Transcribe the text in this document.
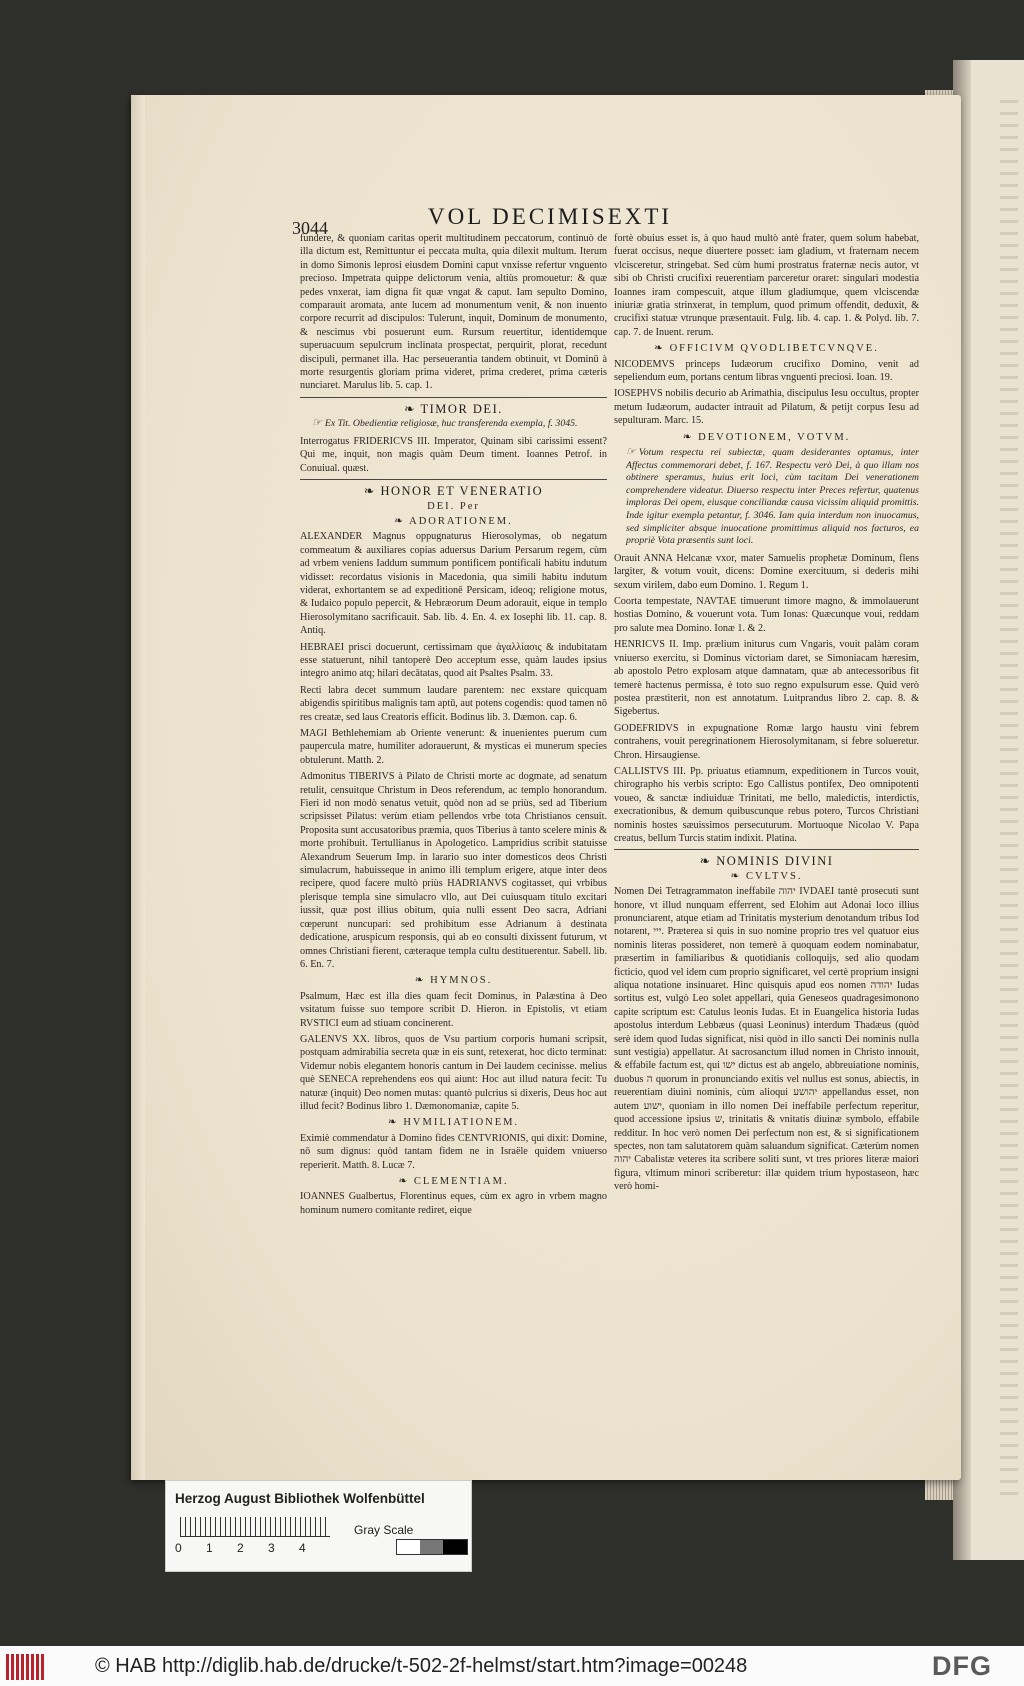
3044	VOL DECIMISEXTI

fundere, & quoniam caritas operit multitudinem peccatorum, continuò de illa dictum est, Remittuntur ei peccata multa, quia dilexit multum. Iterum in domo Simonis leprosi eiusdem Domini caput vnxisse refertur vnguento precioso. Impetrata quippe delictorum venia, altiùs promouetur: & quæ pedes vnxerat, iam digna fit quæ vngat & caput. Iam sepulto Domino, comparauit aromata, ante lucem ad monumentum venit, & non inuento corpore recurrit ad discipulos: Tulerunt, inquit, Dominum de monumento, & nescimus vbi posuerunt eum. Rursum reuertitur, identidemque superuacuum sepulcrum inclinata prospectat, perquirit, plorat, recedunt discipuli, permanet illa. Hac perseuerantia tandem obtinuit, vt Dominū à morte resurgentis gloriam prima videret, prima crederet, prima cæteris nunciaret. Marulus lib. 5. cap. 1.

❧ TIMOR DEI.
☞ Ex Tit. Obedientiæ religiosæ, huc transferenda exempla, f. 3045.

Interrogatus FRIDERICVS III. Imperator, Quinam sibi carissimi essent? Qui me, inquit, non magis quàm Deum timent. Ioannes Petrof. in Conuiual. quæst.

❧ HONOR ET VENERATIO
DEI. Per
❧ ADORATIONEM.

ALEXANDER Magnus oppugnaturus Hierosolymas, ob negatum commeatum & auxiliares copias aduersus Darium Persarum regem, cùm ad vrbem veniens Iaddum summum pontificem pontificali habitu indutum vidisset: recordatus visionis in Macedonia, qua simili habitu indutum viderat, exhortantem se ad expeditionē Persicam, ideoq; religione motus, & Iudaico populo pepercit, & Hebræorum Deum adorauit, eique in templo Hierosolymitano sacrificauit. Sab. lib. 4. En. 4. ex Iosephi lib. 11. cap. 8. Antiq.

HEBRAEI prisci docuerunt, certissimam que ἀγαλλίασις & indubitatam esse statuerunt, nihil tantoperè Deo acceptum esse, quàm laudes ipsius integro animo atq; hilari decātatas, quod ait Psaltes Psalm. 33.

Recti labra decet summum laudare parentem: nec exstare quicquam abigendis spiritibus malignis tam aptū, aut potens cogendis: quod tamen nō res creatæ, sed laus Creatoris efficit. Bodinus lib. 3. Dæmon. cap. 6.

MAGI Bethlehemiam ab Oriente venerunt: & inuenientes puerum cum paupercula matre, humiliter adorauerunt, & mysticas ei munerum species obtulerunt. Matth. 2.

Admonitus TIBERIVS à Pilato de Christi morte ac dogmate, ad senatum retulit, censuitque Christum in Deos referendum, ac templo honorandum. Fieri id non modò senatus vetuit, quòd non ad se priùs, sed ad Tiberium scripsisset Pilatus: verùm etiam pellendos vrbe tota Christianos censuit. Proposita sunt accusatoribus præmia, quos Tiberius à tanto scelere minis & morte prohibuit. Tertullianus in Apologetico. Lampridius scribit statuisse Alexandrum Seuerum Imp. in larario suo inter domesticos deos Christi simulacrum, habuisseque in animo illi templum erigere, atque inter deos recipere, quod facere multò priùs HADRIANVS cogitasset, qui vrbibus plerisque templa sine simulacro vllo, aut Dei cuiusquam titulo excitari iussit, quæ post illius obitum, quia nulli essent Deo sacra, Adriani cœperunt nuncupari: sed prohibitum esse Adrianum à destinata dedicatione, aruspicum responsis, qui ab eo consulti dixissent futurum, vt omnes Christiani fierent, cæteraque templa cultu destituerentur. Sabell. lib. 6. En. 7.

❧ HYMNOS.

Psalmum, Hæc est illa dies quam fecit Dominus, in Palæstina à Deo vsitatum fuisse suo tempore scribit D. Hieron. in Epistolis, vt etiam RVSTICI eum ad stiuam concinerent.

GALENVS XX. libros, quos de Vsu partium corporis humani scripsit, postquam admirabilia secreta quæ in eis sunt, retexerat, hoc dicto terminat: Videmur nobis elegantem honoris cantum in Dei laudem cecinisse. melius què SENECA reprehendens eos qui aiunt: Hoc aut illud natura fecit: Tu naturæ (inquit) Deo nomen mutas: quantò pulcrius si dixeris, Deus hoc aut illud fecit? Bodinus libro 1. Dæmonomaniæ, capite 5.

❧ HVMILIATIONEM.

Eximiè commendatur à Domino fides CENTVRIONIS, qui dixit: Domine, nō sum dignus: quòd tantam fidem ne in Israële quidem vniuerso reperierit. Matth. 8. Lucæ 7.

❧ CLEMENTIAM.

IOANNES Gualbertus, Florentinus eques, cùm ex agro in vrbem magno hominum numero comitante rediret, eique

fortè obuius esset is, à quo haud multò antè frater, quem solum habebat, fuerat occisus, neque diuertere posset: iam gladium, vt fraternam necem vlcisceretur, stringebat. Sed cùm humi prostratus fraternæ necis autor, vt sibi ob Christi crucifixi reuerentiam parceretur oraret: singulari modestia Ioannes iram compescuit, atque illum gladiumque, quem vlciscendæ iniuriæ gratia strinxerat, in templum, quod primum offendit, deduxit, & crucifixi statuæ vtrunque præsentauit. Fulg. lib. 4. cap. 1. & Polyd. lib. 7. cap. 7. de Inuent. rerum.

❧ OFFICIVM QVODLIBETCVNQVE.

NICODEMVS princeps Iudæorum crucifixo Domino, venit ad sepeliendum eum, portans centum libras vnguenti preciosi. Ioan. 19.

IOSEPHVS nobilis decurio ab Arimathia, discipulus Iesu occultus, propter metum Iudæorum, audacter intrauit ad Pilatum, & petijt corpus Iesu ad sepulturam. Marc. 15.

❧ DEVOTIONEM, VOTVM.
☞ Votum respectu rei subiectæ, quam desiderantes optamus, inter Affectus commemorari debet, f. 167. Respectu verò Dei, à quo illam nos obtinere speramus, huius erit loci, cùm tacitam Dei venerationem comprehendere videatur. Diuerso respectu inter Preces refertur, quatenus imploras Dei opem, eiusque conciliandæ causa vicissim aliquid promittis. Inde igitur exempla petantur, f. 3046. Iam quia interdum non inuocamus, sed simpliciter absque inuocatione promittimus aliquid nos facturos, ea propriè Vota præsentis sunt loci.

Orauit ANNA Helcanæ vxor, mater Samuelis prophetæ Dominum, flens largiter, & votum vouit, dicens: Domine exercituum, si dederis mihi sexum virilem, dabo eum Domino. 1. Regum 1.

Coorta tempestate, NAVTAE timuerunt timore magno, & immolauerunt hostias Domino, & vouerunt vota. Tum Ionas: Quæcunque voui, reddam pro salute mea Domino. Ionæ 1. & 2.

HENRICVS II. Imp. prælium initurus cum Vngaris, vouit palàm coram vniuerso exercitu, si Dominus victoriam daret, se Simoniacam hæresim, ab apostolo Petro explosam atque damnatam, quæ ab antecessoribus fit temerè hactenus permissa, è toto suo regno expulsurum esse. Quid verò postea præstiterit, non est annotatum. Luitprandus libro 2. cap. 8. & Sigebertus.

GODEFRIDVS in expugnatione Romæ largo haustu vini febrem contrahens, vouit peregrinationem Hierosolymitanam, si febre solueretur. Chron. Hirsaugiense.

CALLISTVS III. Pp. priuatus etiamnum, expeditionem in Turcos vouit, chirographo his verbis scripto: Ego Callistus pontifex, Deo omnipotenti voueo, & sanctæ indiuiduæ Trinitati, me bello, maledictis, interdictis, execrationibus, & demum quibuscunque rebus potero, Turcos Christiani nominis hostes sæuissimos persecuturum. Mortuoque Nicolao V. Papa creatus, bellum Turcis statim indixit. Platina.

❧ NOMINIS DIVINI
❧ CVLTVS.

Nomen Dei Tetragrammaton ineffabile יהוה IVDAEI tantè prosecuti sunt honore, vt illud nunquam efferrent, sed Elohim aut Adonai loco illius pronunciarent, atque etiam ad Trinitatis mysterium denotandum tribus Iod notarent, ייי. Præterea si quis in suo nomine proprio tres vel quatuor eius nominis literas possideret, non temerè à quoquam eodem nominabatur, præsertim in familiaribus & quotidianis colloquijs, sed alio quodam ficticio, quod vel idem cum proprio significaret, vel certè proprium insigni aliqua notatione insinuaret. Hinc quisquis apud eos nomen יהודה Iudas sortitus est, vulgò Leo solet appellari, quia Geneseos quadragesimonono capite scriptum est: Catulus leonis Iudas. Et in Euangelica historia Iudas apostolus interdum Lebbæus (quasi Leoninus) interdum Thadæus (quòd serè idem quod Iudas significat, nisi quòd in illo sancti Dei nominis nulla sunt vestigia) appellatur. At sacrosanctum illud nomen in Christo innouit, & effabile factum est, qui ישו dictus est ab angelo, abbreuiatione nominis, duobus ה quorum in pronunciando exitis vel nullus est sonus, abiectis, in reuerentiam diuini nominis, cùm alioqui יהושע appellandus esset, non autem ישוע, quoniam in illo nomen Dei ineffabile perfectum reperitur, quod accessione ipsius ש, trinitatis & vnitatis diuinæ symbolo, effabile redditur. In hoc verò nomen Dei perfectum non est, & si significationem spectes, non tam salutatorem quàm saluandum significat. Cæterùm nomen יהוה Cabalistæ veteres ita scribere soliti sunt, vt tres priores literæ maiori figura, vltimum minori scriberetur: illæ quidem trium hypostaseon, hæc verò homi-

Herzog August Bibliothek Wolfenbüttel
0 1 2 3 4
Gray Scale
© HAB http://diglib.hab.de/drucke/t-502-2f-helmst/start.htm?image=00248	DFG
